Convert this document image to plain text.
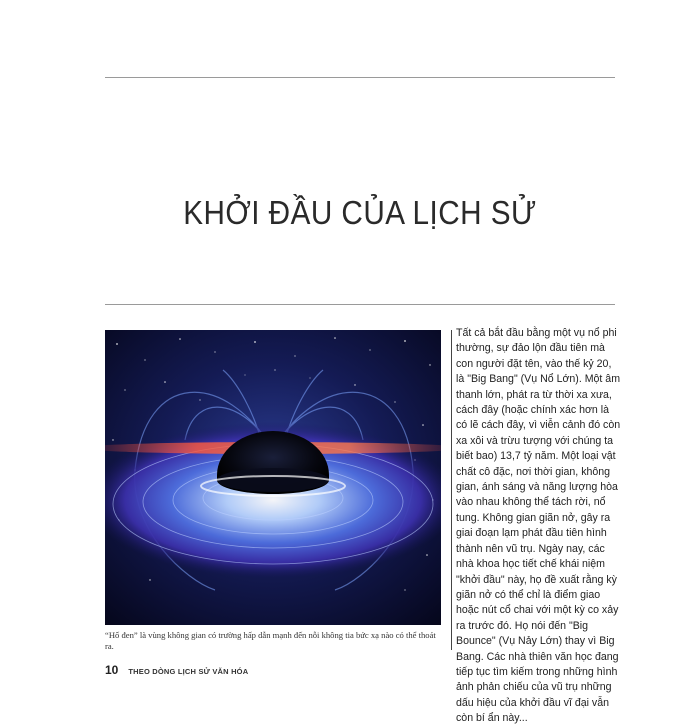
KHỞI ĐẦU CỦA LỊCH SỬ
“Hố đen” là vùng không gian có trường hấp dẫn mạnh đến nỗi không tia bức xạ nào có thể thoát ra.
Tất cả bắt đầu bằng một vụ nổ phi thường, sự đảo lộn đầu tiên mà con người đặt tên, vào thế kỷ 20, là "Big Bang" (Vụ Nổ Lớn). Một âm thanh lớn, phát ra từ thời xa xưa, cách đây (hoặc chính xác hơn là có lẽ cách đây, vì viễn cảnh đó còn xa xôi và trừu tượng với chúng ta biết bao) 13,7 tỷ năm. Một loại vật chất cô đặc, nơi thời gian, không gian, ánh sáng và năng lượng hòa vào nhau không thể tách rời, nổ tung. Không gian giãn nở, gây ra giai đoạn lạm phát đầu tiên hình thành nên vũ trụ. Ngày nay, các nhà khoa học tiết chế khái niệm "khởi đầu" này, họ đề xuất rằng kỳ giãn nở có thể chỉ là điểm giao hoặc nút cổ chai với một kỳ co xảy ra trước đó. Họ nói đến "Big Bounce" (Vụ Nảy Lớn) thay vì Big Bang. Các nhà thiên văn học đang tiếp tục tìm kiếm trong những hình ảnh phản chiếu của vũ trụ những dấu hiệu của khởi đầu vĩ đại vẫn còn bí ẩn này...
10 THEO DÒNG LỊCH SỬ VĂN HÓA
